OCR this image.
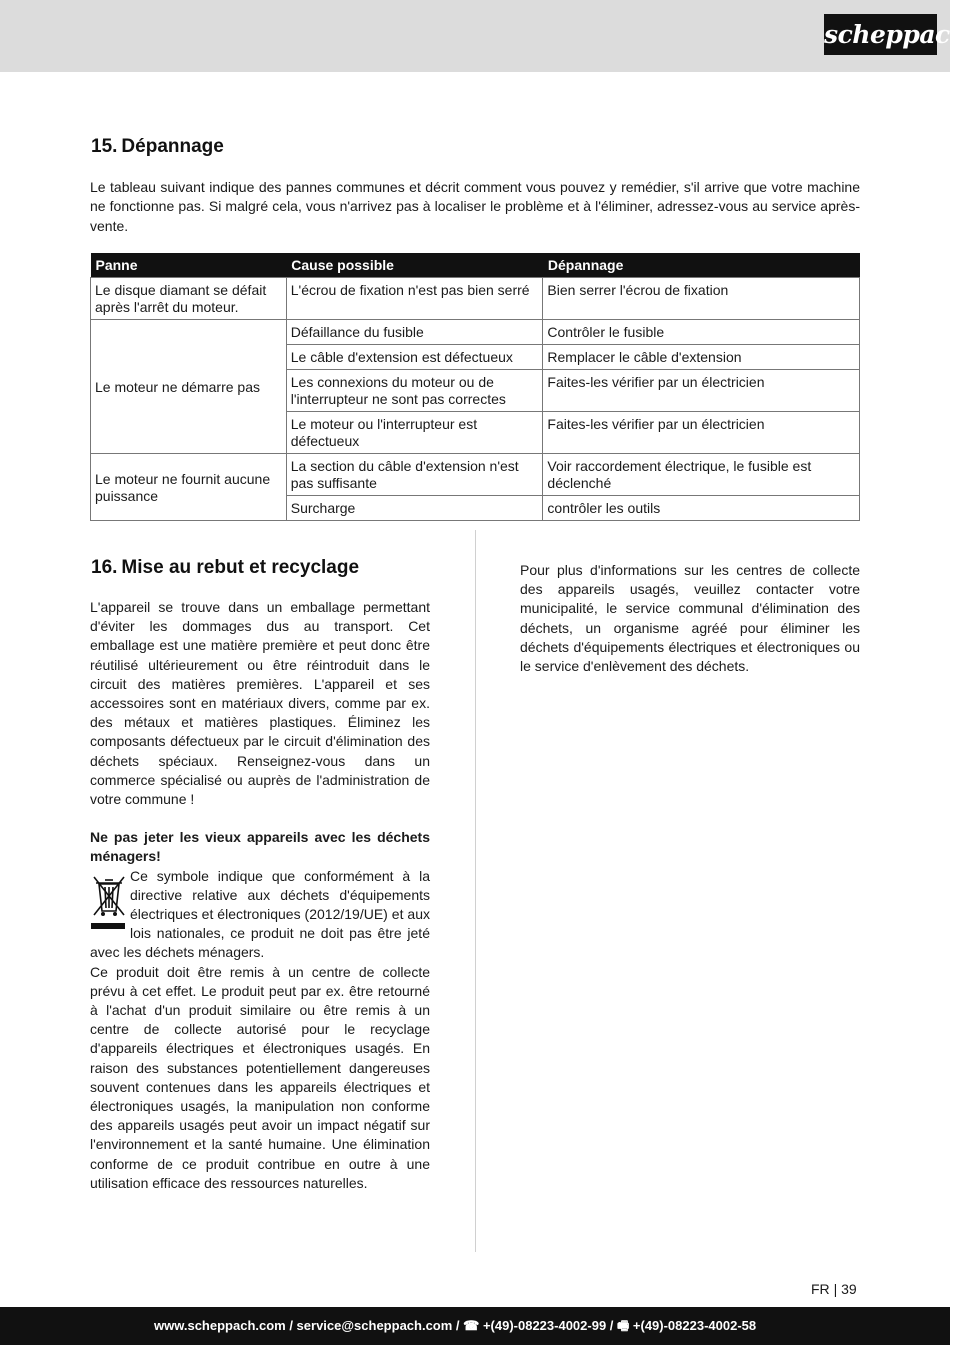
scheppach
15. Dépannage
Le tableau suivant indique des pannes communes et décrit comment vous pouvez y remédier, s'il arrive que votre machine ne fonctionne pas. Si malgré cela, vous n'arrivez pas à localiser le problème et à l'éliminer, adressez-vous au service après-vente.
Panne	Cause possible	Dépannage
Le disque diamant se défait après l'arrêt du moteur.	L'écrou de fixation n'est pas bien serré	Bien serrer l'écrou de fixation
Le moteur ne démarre pas	Défaillance du fusible	Contrôler le fusible
	Le câble d'extension est défectueux	Remplacer le câble d'extension
	Les connexions du moteur ou de l'interrupteur ne sont pas correctes	Faites-les vérifier par un électricien
	Le moteur ou l'interrupteur est défectueux	Faites-les vérifier par un électricien
Le moteur ne fournit aucune puissance	La section du câble d'extension n'est pas suffisante	Voir raccordement électrique, le fusible est déclenché
	Surcharge	contrôler les outils
16. Mise au rebut et recyclage
L'appareil se trouve dans un emballage permettant d'éviter les dommages dus au transport. Cet emballage est une matière première et peut donc être réutilisé ultérieurement ou être réintroduit dans le circuit des matières premières. L'appareil et ses accessoires sont en matériaux divers, comme par ex. des métaux et matières plastiques. Éliminez les composants défectueux par le circuit d'élimination des déchets spéciaux. Renseignez-vous dans un commerce spécialisé ou auprès de l'administration de votre commune !
Ne pas jeter les vieux appareils avec les déchets ménagers!
Ce symbole indique que conformément à la directive relative aux déchets d'équipements électriques et électroniques (2012/19/UE) et aux lois nationales, ce produit ne doit pas être jeté avec les déchets ménagers.
Ce produit doit être remis à un centre de collecte prévu à cet effet. Le produit peut par ex. être retourné à l'achat d'un produit similaire ou être remis à un centre de collecte autorisé pour le recyclage d'appareils électriques et électroniques usagés. En raison des substances potentiellement dangereuses souvent contenues dans les appareils électriques et électroniques usagés, la manipulation non conforme des appareils usagés peut avoir un impact négatif sur l'environnement et la santé humaine. Une élimination conforme de ce produit contribue en outre à une utilisation efficace des ressources naturelles.
Pour plus d'informations sur les centres de collecte des appareils usagés, veuillez contacter votre municipalité, le service communal d'élimination des déchets, un organisme agréé pour éliminer les déchets d'équipements électriques et électroniques ou le service d'enlèvement des déchets.
FR | 39
www.scheppach.com / service@scheppach.com / ☎ +(49)-08223-4002-99 / 🖷 +(49)-08223-4002-58
